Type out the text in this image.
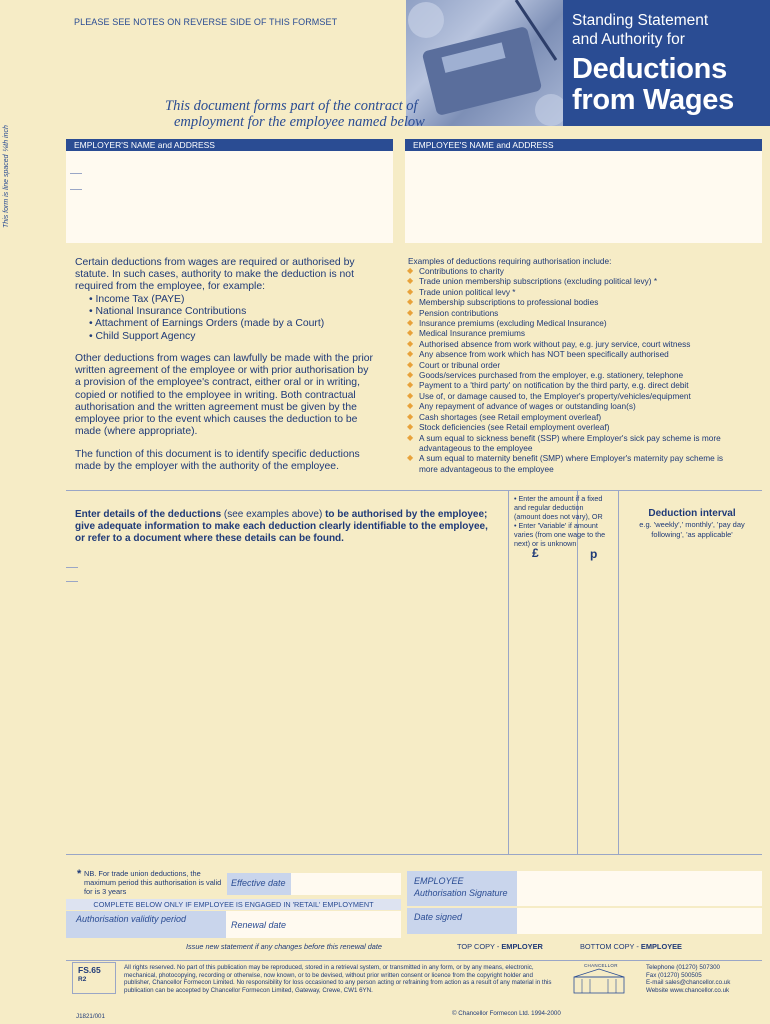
PLEASE SEE NOTES ON REVERSE SIDE OF THIS FORMSET	Standing Statement
and Authority for
Deductions
from Wages
This document forms part of the contract of
employment for the employee named below
This form is line spaced ⅙th inch	EMPLOYER'S NAME and ADDRESS	EMPLOYEE'S NAME and ADDRESS
Certain deductions from wages are required or authorised by statute. In such cases, authority to make the deduction is not required from the employee, for example:
• Income Tax (PAYE)
• National Insurance Contributions
• Attachment of Earnings Orders (made by a Court)
• Child Support Agency
Other deductions from wages can lawfully be made with the prior written agreement of the employee or with prior authorisation by a provision of the employee's contract, either oral or in writing, copied or notified to the employee in writing. Both contractual authorisation and the written agreement must be given by the employee prior to the event which causes the deduction to be made (where appropriate).
The function of this document is to identify specific deductions made by the employer with the authority of the employee.
Examples of deductions requiring authorisation include:
◆ Contributions to charity
◆ Trade union membership subscriptions (excluding political levy) *
◆ Trade union political levy *
◆ Membership subscriptions to professional bodies
◆ Pension contributions
◆ Insurance premiums (excluding Medical Insurance)
◆ Medical Insurance premiums
◆ Authorised absence from work without pay, e.g. jury service, court witness
◆ Any absence from work which has NOT been specifically authorised
◆ Court or tribunal order
◆ Goods/services purchased from the employer, e.g. stationery, telephone
◆ Payment to a 'third party' on notification by the third party, e.g. direct debit
◆ Use of, or damage caused to, the Employer's property/vehicles/equipment
◆ Any repayment of advance of wages or outstanding loan(s)
◆ Cash shortages (see Retail employment overleaf)
◆ Stock deficiencies (see Retail employment overleaf)
◆ A sum equal to sickness benefit (SSP) where Employer's sick pay scheme is more advantageous to the employee
◆ A sum equal to maternity benefit (SMP) where Employer's maternity pay scheme is more advantageous to the employee
Enter details of the deductions (see examples above) to be authorised by the employee; give adequate information to make each deduction clearly identifiable to the employee, or refer to a document where these details can be found.
• Enter the amount if a fixed and regular deduction (amount does not vary), OR
• Enter 'Variable' if amount varies (from one wage to the next) or is unknown
£	p
Deduction interval
e.g. 'weekly',' monthly', 'pay day following', 'as applicable'
* NB. For trade union deductions, the maximum period this authorisation is valid for is 3 years
Effective date
COMPLETE BELOW ONLY IF EMPLOYEE IS ENGAGED IN 'RETAIL' EMPLOYMENT
Authorisation validity period
Renewal date
Issue new statement if any changes before this renewal date
EMPLOYEE
Authorisation Signature
Date signed
TOP COPY - EMPLOYER	BOTTOM COPY - EMPLOYEE
FS.65
R2
J1821/001
All rights reserved. No part of this publication may be reproduced, stored in a retrieval system, or transmitted in any form, or by any means, electronic, mechanical, photocopying, recording or otherwise, now known, or to be devised, without prior written consent or licence from the copyright holder and publisher, Chancellor Formecon Limited. No responsibility for loss occasioned to any person acting or refraining from action as a result of any material in this publication can be accepted by Chancellor Formecon Limited, Gateway, Crewe, CW1 6YN.
© Chancellor Formecon Ltd. 1994-2000
CHANCELLOR	Telephone (01270) 507300
Fax (01270) 500505
E-mail sales@chancellor.co.uk
Website www.chancellor.co.uk
